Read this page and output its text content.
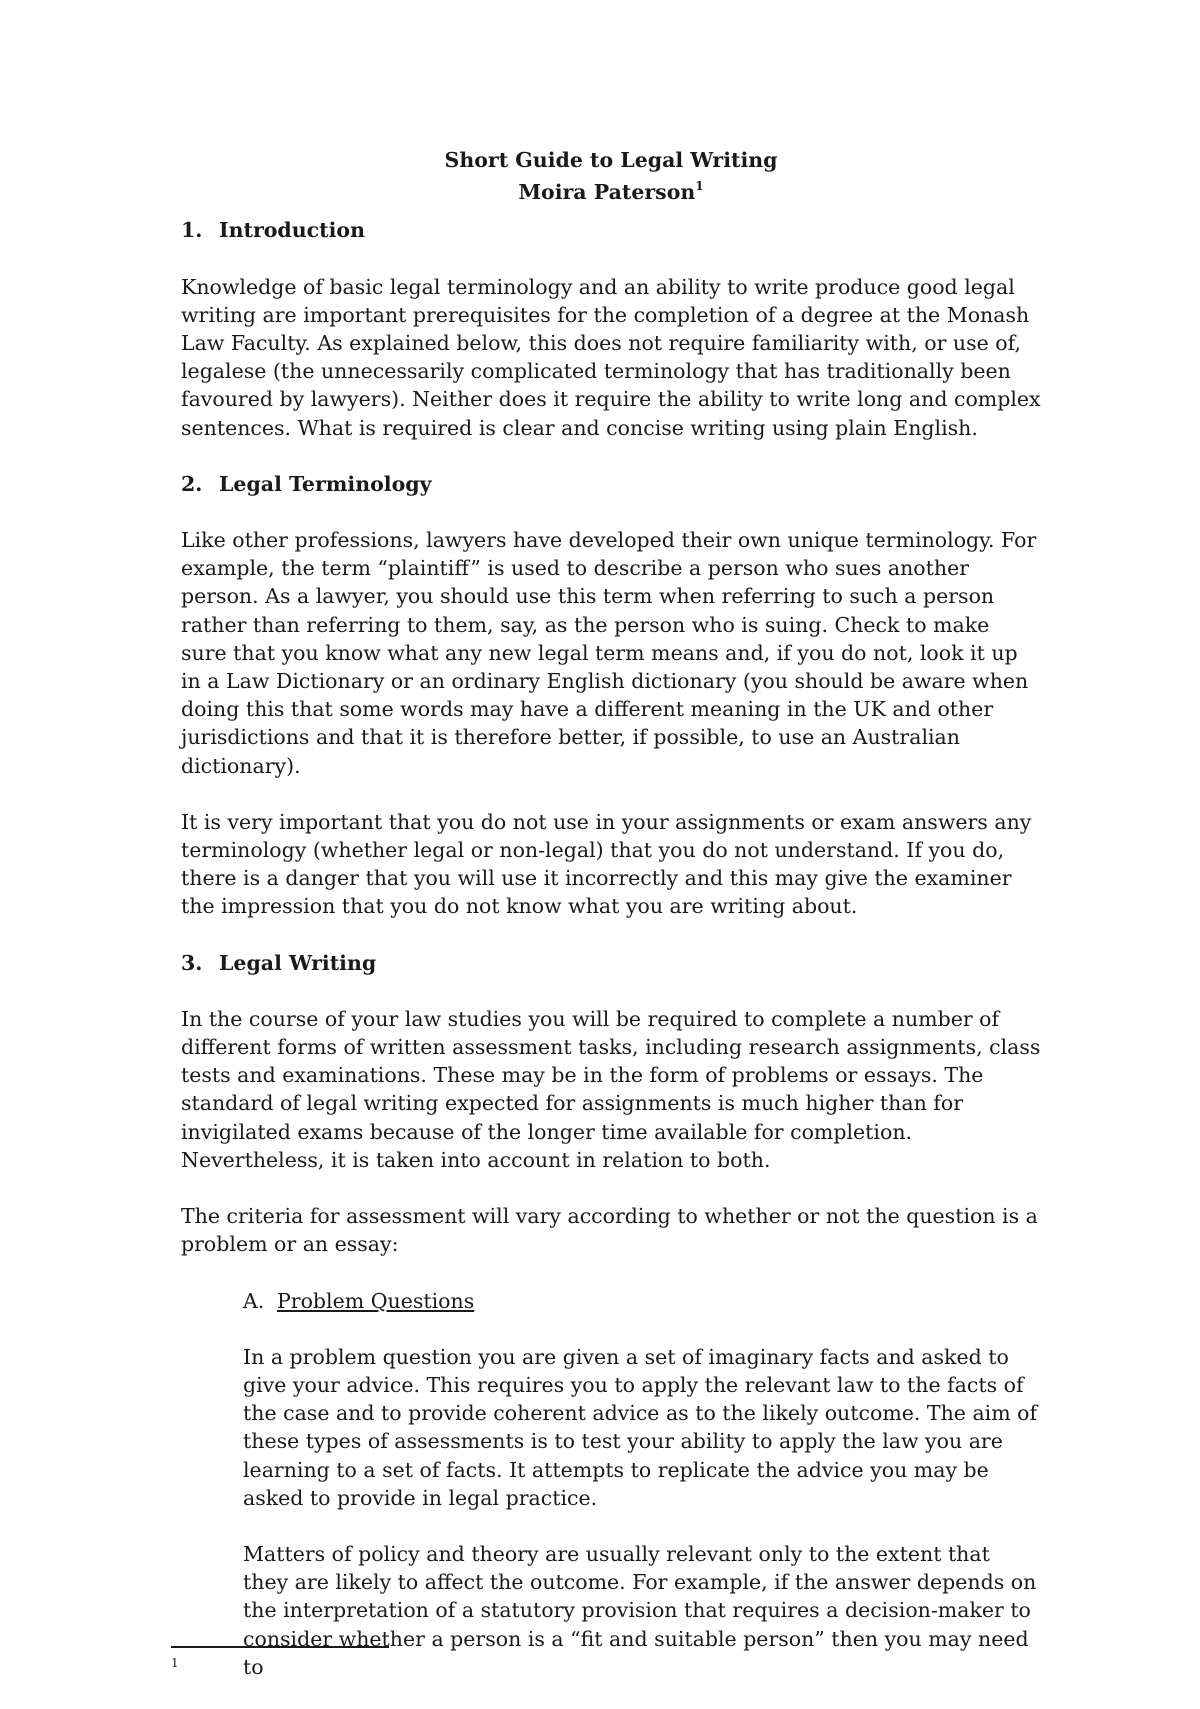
Short Guide to Legal Writing

Moira Paterson$^1$

1. Introduction

Knowledge of basic legal terminology and an ability to write produce good legal writing are important prerequisites for the completion of a degree at the Monash Law Faculty. As explained below, this does not require familiarity with, or use of, legalese (the unnecessarily complicated terminology that has traditionally been favoured by lawyers). Neither does it require the ability to write long and complex sentences. What is required is clear and concise writing using plain English.

2. Legal Terminology

Like other professions, lawyers have developed their own unique terminology. For example, the term “plaintiff” is used to describe a person who sues another person. As a lawyer, you should use this term when referring to such a person rather than referring to them, say, as the person who is suing. Check to make sure that you know what any new legal term means and, if you do not, look it up in a Law Dictionary or an ordinary English dictionary (you should be aware when doing this that some words may have a different meaning in the UK and other jurisdictions and that it is therefore better, if possible, to use an Australian dictionary).

It is very important that you do not use in your assignments or exam answers any terminology (whether legal or non-legal) that you do not understand. If you do, there is a danger that you will use it incorrectly and this may give the examiner the impression that you do not know what you are writing about.

3. Legal Writing

In the course of your law studies you will be required to complete a number of different forms of written assessment tasks, including research assignments, class tests and examinations. These may be in the form of problems or essays. The standard of legal writing expected for assignments is much higher than for invigilated exams because of the longer time available for completion. Nevertheless, it is taken into account in relation to both.

The criteria for assessment will vary according to whether or not the question is a problem or an essay:

A. Problem Questions

In a problem question you are given a set of imaginary facts and asked to give your advice. This requires you to apply the relevant law to the facts of the case and to provide coherent advice as to the likely outcome. The aim of these types of assessments is to test your ability to apply the law you are learning to a set of facts. It attempts to replicate the advice you may be asked to provide in legal practice.

Matters of policy and theory are usually relevant only to the extent that they are likely to affect the outcome. For example, if the answer depends on the interpretation of a statutory provision that requires a decision-maker to consider whether a person is a “fit and suitable person” then you may need to

1
